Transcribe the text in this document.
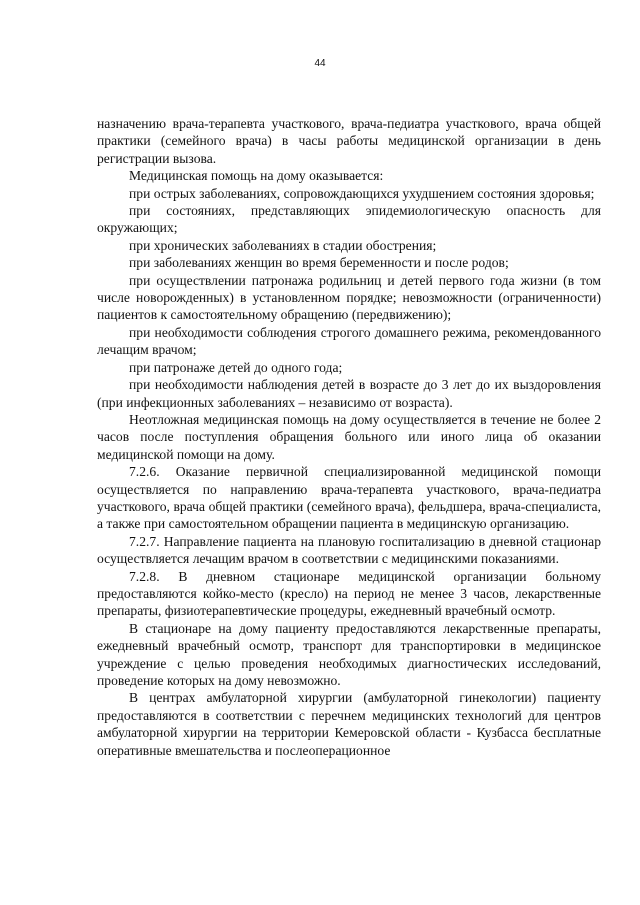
44

назначению врача-терапевта участкового, врача-педиатра участкового, врача общей практики (семейного врача) в часы работы медицинской организации в день регистрации вызова.

Медицинская помощь на дому оказывается:

при острых заболеваниях, сопровождающихся ухудшением состояния здоровья;

при состояниях, представляющих эпидемиологическую опасность для окружающих;

при хронических заболеваниях в стадии обострения;

при заболеваниях женщин во время беременности и после родов;

при осуществлении патронажа родильниц и детей первого года жизни (в том числе новорожденных) в установленном порядке; невозможности (ограниченности) пациентов к самостоятельному обращению (передвижению);

при необходимости соблюдения строгого домашнего режима, рекомендованного лечащим врачом;

при патронаже детей до одного года;

при необходимости наблюдения детей в возрасте до 3 лет до их выздоровления (при инфекционных заболеваниях – независимо от возраста).

Неотложная медицинская помощь на дому осуществляется в течение не более 2 часов после поступления обращения больного или иного лица об оказании медицинской помощи на дому.

7.2.6. Оказание первичной специализированной медицинской помощи осуществляется по направлению врача-терапевта участкового, врача-педиатра участкового, врача общей практики (семейного врача), фельдшера, врача-специалиста, а также при самостоятельном обращении пациента в медицинскую организацию.

7.2.7. Направление пациента на плановую госпитализацию в дневной стационар осуществляется лечащим врачом в соответствии с медицинскими показаниями.

7.2.8. В дневном стационаре медицинской организации больному предоставляются койко-место (кресло) на период не менее 3 часов, лекарственные препараты, физиотерапевтические процедуры, ежедневный врачебный осмотр.

В стационаре на дому пациенту предоставляются лекарственные препараты, ежедневный врачебный осмотр, транспорт для транспортировки в медицинское учреждение с целью проведения необходимых диагностических исследований, проведение которых на дому невозможно.

В центрах амбулаторной хирургии (амбулаторной гинекологии) пациенту предоставляются в соответствии с перечнем медицинских технологий для центров амбулаторной хирургии на территории Кемеровской области - Кузбасса бесплатные оперативные вмешательства и послеоперационное
